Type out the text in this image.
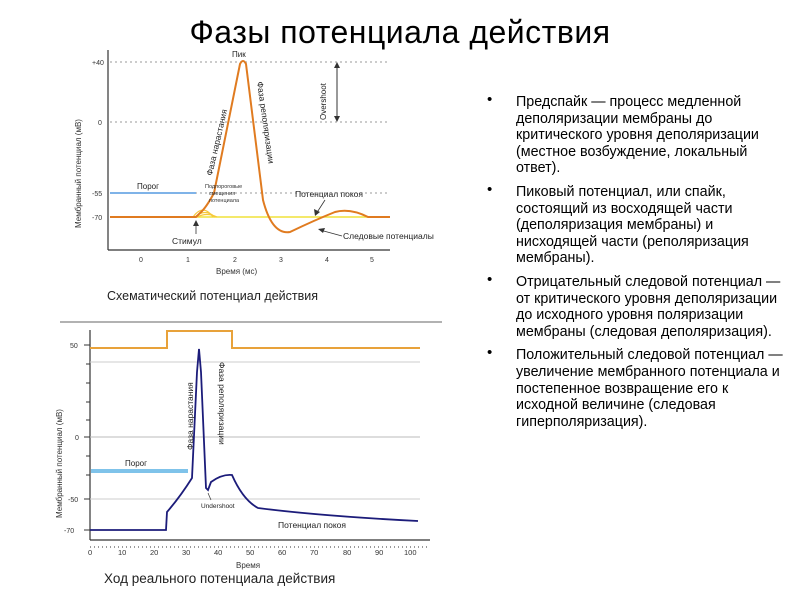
Фазы потенциала действия
+40
0
-55
-70
Мембранный потенциал (мВ)
0	1	2	3	4	5
Время (мс)
Порог
Overshoot
Пик
Фаза нарастания	Фаза реполяризации
Подпороговые
смещения
потенциала
Потенциал покоя
Следовые потенциалы
Стимул
Схематический потенциал действия
50
0
-50
-70
Мембранный потенциал (мВ)
0	10	20	30	40	50	60	70	80	90	100
Время
Порог
Фаза нарастания	Фаза реполяризации
Undershoot
Потенциал покоя
Ход реального потенциала действия
• Предспайк — процесс медленной деполяризации мембраны до критического уровня деполяризации (местное возбуждение, локальный ответ).
• Пиковый потенциал, или спайк, состоящий из восходящей части (деполяризация мембраны) и нисходящей части (реполяризация мембраны).
• Отрицательный следовой потенциал — от критического уровня деполяризации до исходного уровня поляризации мембраны (следовая деполяризация).
• Положительный следовой потенциал — увеличение мембранного потенциала и постепенное возвращение его к исходной величине (следовая гиперполяризация).
